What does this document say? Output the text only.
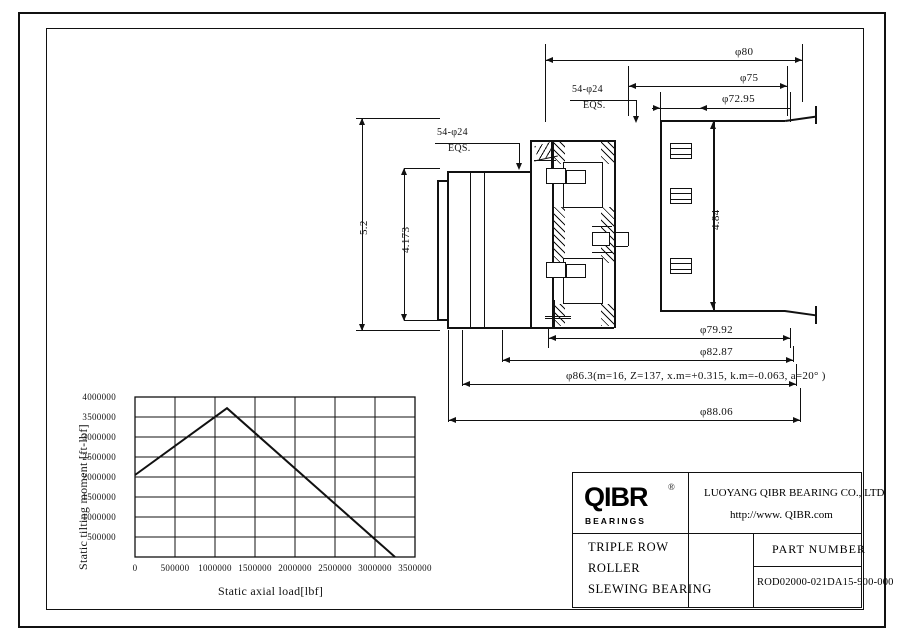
φ80
φ75
φ72.95
54-φ24
EQS.
54-φ24
EQS.
5.2	4.173
4.84
φ79.92
φ82.87
φ86.3(m=16, Z=137, x.m=+0.315, k.m=-0.063, a=20° )
φ88.06
Static tilting moment [ft-lbf]
Static axial load[lbf]
500000
1000000
1500000
2000000
2500000
3000000
3500000
4000000
0	500000 1000000 1500000 2000000 2500000 3000000 3500000
QIBR ®
BEARINGS
LUOYANG QIBR BEARING CO., LTD
http://www. QIBR.com
TRIPLE ROW
ROLLER
SLEWING BEARING
PART NUMBER
ROD02000-021DA15-900-000
